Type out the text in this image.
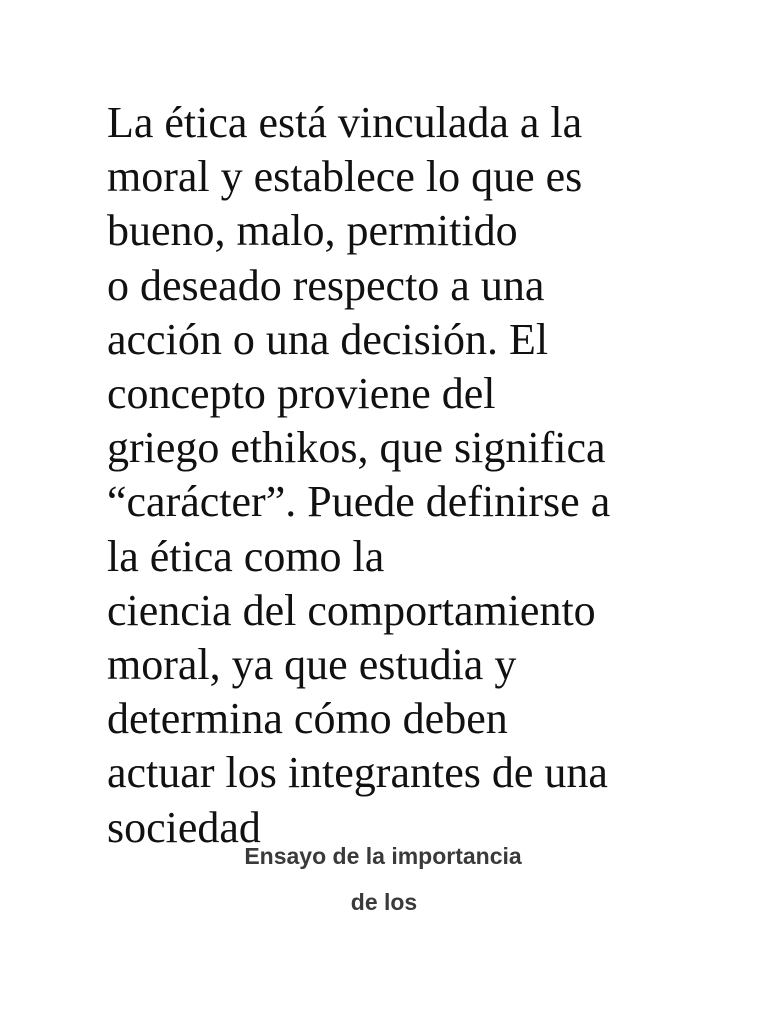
La ética está vinculada a la
moral y establece lo que es
bueno, malo, permitido
o deseado respecto a una
acción o una decisión. El
concepto proviene del
griego ethikos, que significa
“carácter”. Puede definirse a
la ética como la
ciencia del comportamiento
moral, ya que estudia y
determina cómo deben
actuar los integrantes de una
sociedad

Ensayo de la importancia

de los
